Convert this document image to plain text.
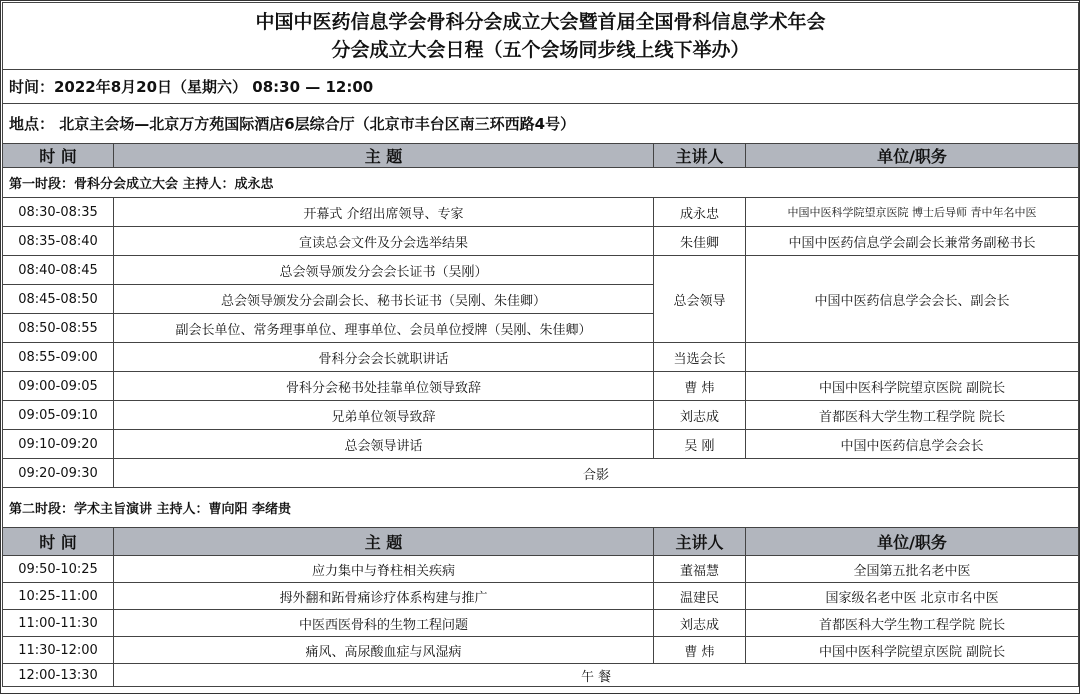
中国中医药信息学会骨科分会成立大会暨首届全国骨科信息学术年会
分会成立大会日程（五个会场同步线上线下举办）			

时间：2022年8月20日（星期六） 08:30 — 12:00			
地点： 北京主会场—北京万方苑国际酒店6层综合厅（北京市丰台区南三环西路4号）			
时 间	主 题	主讲人	单位/职务
第一时段：骨科分会成立大会 主持人：成永忠			
08:30-08:35	开幕式 介绍出席领导、专家	成永忠	中国中医科学院望京医院 博士后导师 青中年名中医
08:35-08:40	宣读总会文件及分会选举结果	朱佳卿	中国中医药信息学会副会长兼常务副秘书长
08:40-08:45	总会领导颁发分会会长证书（吴刚）	总会领导	中国中医药信息学会会长、副会长
08:45-08:50	总会领导颁发分会副会长、秘书长证书（吴刚、朱佳卿）		
08:50-08:55	副会长单位、常务理事单位、理事单位、会员单位授牌（吴刚、朱佳卿）		
08:55-09:00	骨科分会会长就职讲话	当选会长	
09:00-09:05	骨科分会秘书处挂靠单位领导致辞	曹 炜	中国中医科学院望京医院 副院长
09:05-09:10	兄弟单位领导致辞	刘志成	首都医科大学生物工程学院 院长
09:10-09:20	总会领导讲话	吴 刚	中国中医药信息学会会长
09:20-09:30	合影		
第二时段：学术主旨演讲 主持人：曹向阳 李绪贵			
时 间	主 题	主讲人	单位/职务
09:50-10:25	应力集中与脊柱相关疾病	董福慧	全国第五批名老中医
10:25-11:00	拇外翻和跖骨痛诊疗体系构建与推广	温建民	国家级名老中医 北京市名中医
11:00-11:30	中医西医骨科的生物工程问题	刘志成	首都医科大学生物工程学院 院长
11:30-12:00	痛风、高尿酸血症与风湿病	曹 炜	中国中医科学院望京医院 副院长
12:00-13:30	午 餐		
